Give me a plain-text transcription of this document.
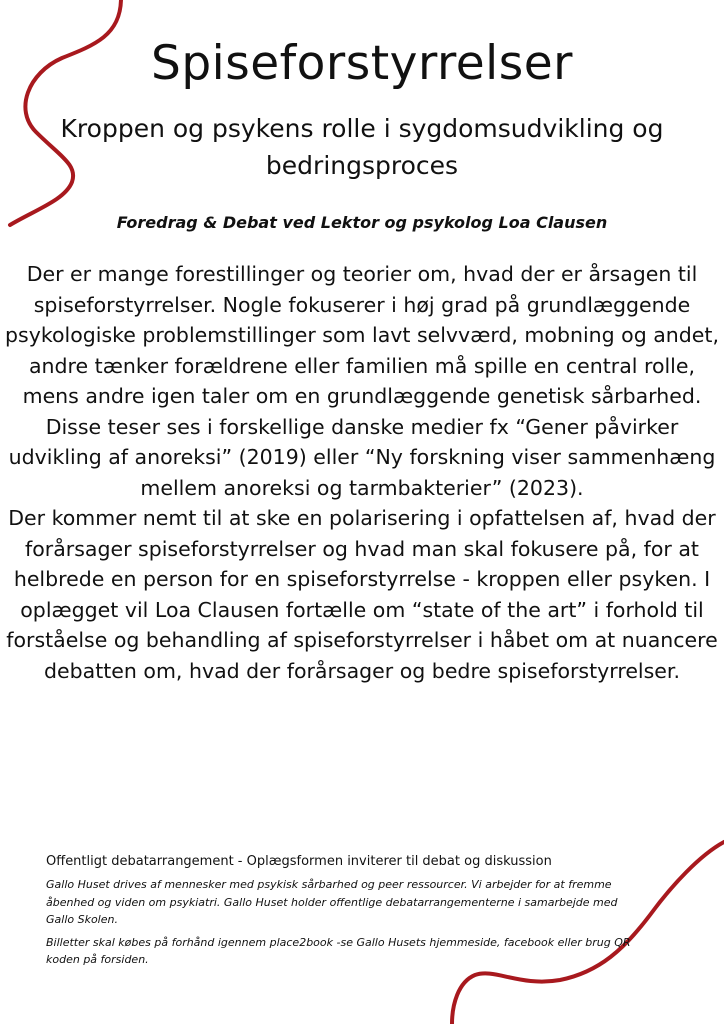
Spiseforstyrrelser
Kroppen og psykens rolle i sygdomsudvikling og bedringsproces

Foredrag & Debat ved Lektor og psykolog Loa Clausen

Der er mange forestillinger og teorier om, hvad der er årsagen til spiseforstyrrelser. Nogle fokuserer i høj grad på grundlæggende psykologiske problemstillinger som lavt selvværd, mobning og andet, andre tænker forældrene eller familien må spille en central rolle, mens andre igen taler om en grundlæggende genetisk sårbarhed. Disse teser ses i forskellige danske medier fx “Gener påvirker udvikling af anoreksi” (2019) eller “Ny forskning viser sammenhæng mellem anoreksi og tarmbakterier” (2023).

Der kommer nemt til at ske en polarisering i opfattelsen af, hvad der forårsager spiseforstyrrelser og hvad man skal fokusere på, for at helbrede en person for en spiseforstyrrelse - kroppen eller psyken. I oplægget vil Loa Clausen fortælle om “state of the art” i forhold til forståelse og behandling af spiseforstyrrelser i håbet om at nuancere debatten om, hvad der forårsager og bedre spiseforstyrrelser.

Offentligt debatarrangement - Oplægsformen inviterer til debat og diskussion

Gallo Huset drives af mennesker med psykisk sårbarhed og peer ressourcer. Vi arbejder for at fremme åbenhed og viden om psykiatri. Gallo Huset holder offentlige debatarrangementerne i samarbejde med Gallo Skolen.

Billetter skal købes på forhånd igennem place2book -se Gallo Husets hjemmeside, facebook eller brug QR koden på forsiden.
